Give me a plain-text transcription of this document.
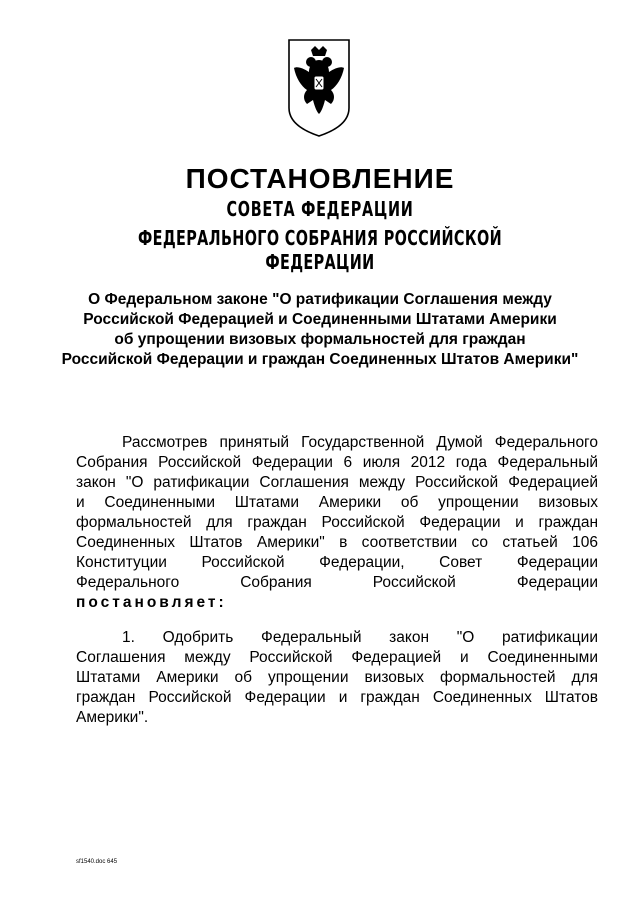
ПОСТАНОВЛЕНИЕ

СОВЕТА ФЕДЕРАЦИИ

ФЕДЕРАЛЬНОГО СОБРАНИЯ РОССИЙСКОЙ ФЕДЕРАЦИИ

О Федеральном законе "О ратификации Соглашения между
Российской Федерацией и Соединенными Штатами Америки
об упрощении визовых формальностей для граждан
Российской Федерации и граждан Соединенных Штатов Америки"
Рассмотрев принятый Государственной Думой Федерального
Собрания Российской Федерации 6 июля 2012 года Федеральный
закон "О ратификации Соглашения между Российской Федерацией
и Соединенными Штатами Америки об упрощении визовых
формальностей для граждан Российской Федерации и граждан
Соединенных Штатов Америки" в соответствии со статьей 106
Конституции Российской Федерации, Совет Федерации
Федерального Собрания Российской Федерации
постановляет:
1. Одобрить Федеральный закон "О ратификации
Соглашения между Российской Федерацией и Соединенными
Штатами Америки об упрощении визовых формальностей для
граждан Российской Федерации и граждан Соединенных Штатов
Америки".
sf1540.doc 645
